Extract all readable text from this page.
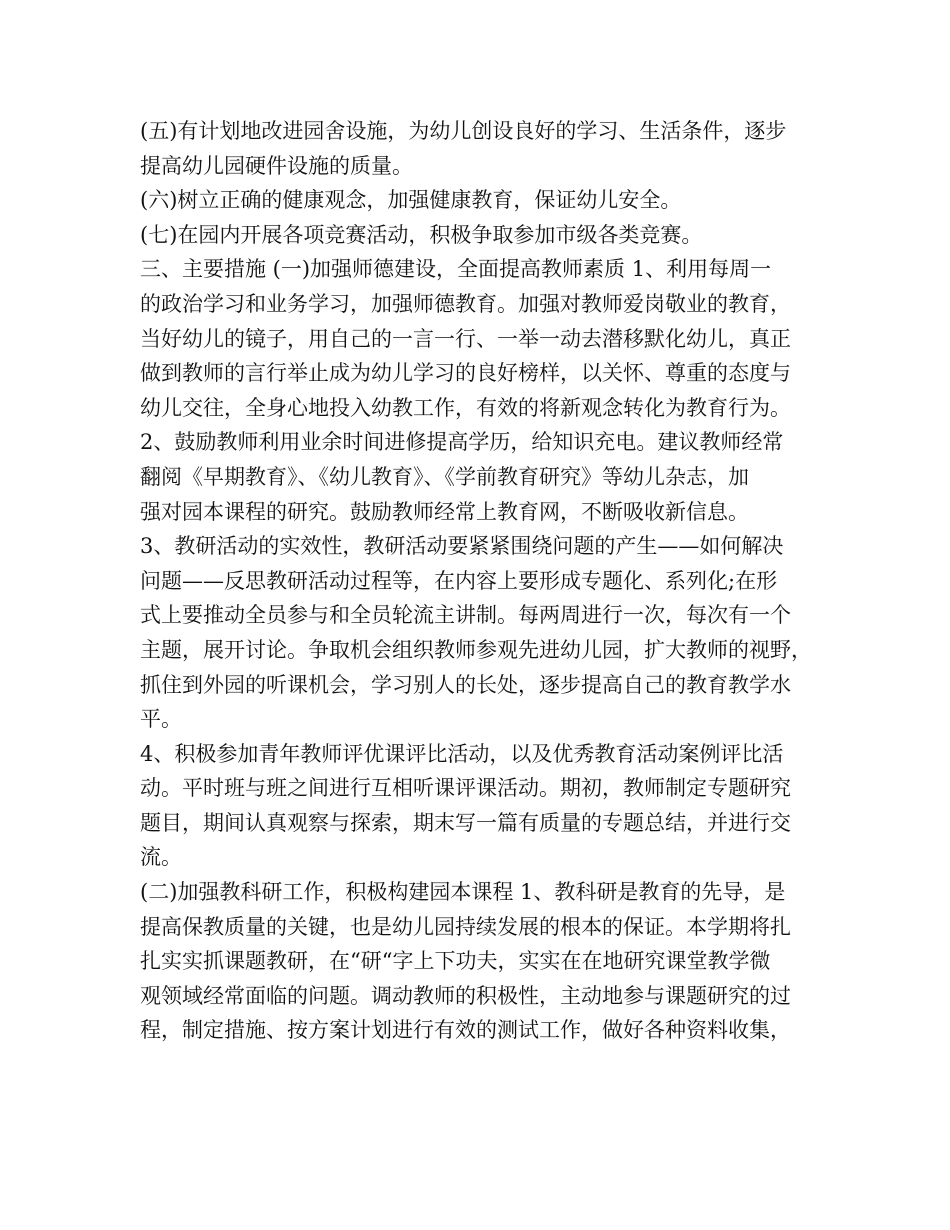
(五)有计划地改进园舍设施，为幼儿创设良好的学习、生活条件，逐步
提高幼儿园硬件设施的质量。
(六)树立正确的健康观念，加强健康教育，保证幼儿安全。
(七)在园内开展各项竞赛活动，积极争取参加市级各类竞赛。
三、主要措施 (一)加强师德建设，全面提高教师素质 1、利用每周一
的政治学习和业务学习，加强师德教育。加强对教师爱岗敬业的教育，
当好幼儿的镜子，用自己的一言一行、一举一动去潜移默化幼儿，真正
做到教师的言行举止成为幼儿学习的良好榜样，以关怀、尊重的态度与
幼儿交往，全身心地投入幼教工作，有效的将新观念转化为教育行为。
2、鼓励教师利用业余时间进修提高学历，给知识充电。建议教师经常
翻阅《早期教育》、《幼儿教育》、《学前教育研究》等幼儿杂志，加
强对园本课程的研究。鼓励教师经常上教育网，不断吸收新信息。
3、教研活动的实效性，教研活动要紧紧围绕问题的产生——如何解决
问题——反思教研活动过程等，在内容上要形成专题化、系列化;在形
式上要推动全员参与和全员轮流主讲制。每两周进行一次，每次有一个
主题，展开讨论。争取机会组织教师参观先进幼儿园，扩大教师的视野，
抓住到外园的听课机会，学习别人的长处，逐步提高自己的教育教学水
平。
4、积极参加青年教师评优课评比活动，以及优秀教育活动案例评比活
动。平时班与班之间进行互相听课评课活动。期初，教师制定专题研究
题目，期间认真观察与探索，期末写一篇有质量的专题总结，并进行交
流。
(二)加强教科研工作，积极构建园本课程 1、教科研是教育的先导，是
提高保教质量的关键，也是幼儿园持续发展的根本的保证。本学期将扎
扎实实抓课题教研，在“研“字上下功夫，实实在在地研究课堂教学微
观领域经常面临的问题。调动教师的积极性，主动地参与课题研究的过
程，制定措施、按方案计划进行有效的测试工作，做好各种资料收集，
